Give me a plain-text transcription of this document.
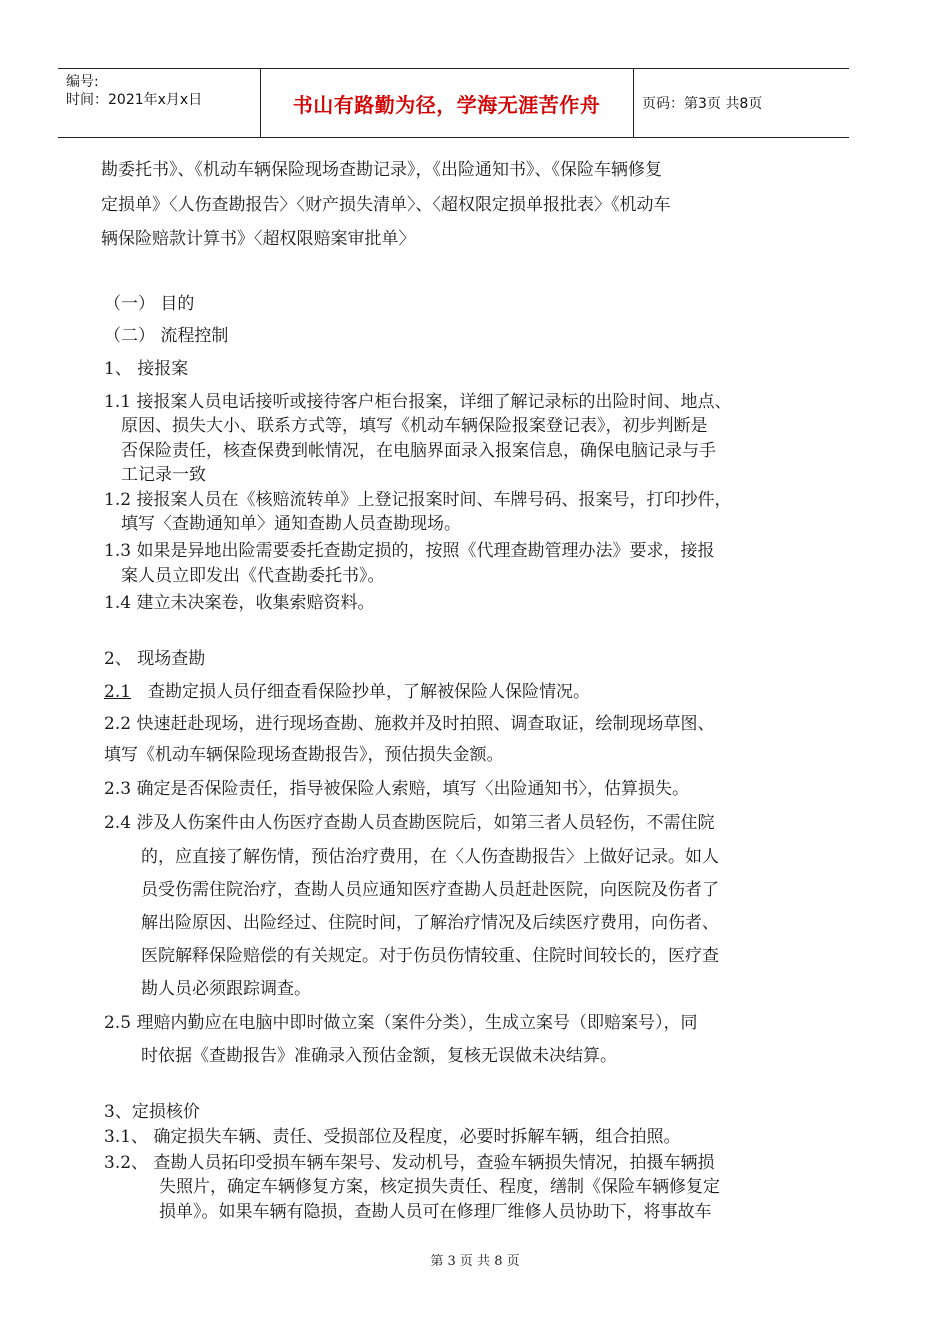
编号:
时间：2021年x月x日	书山有路勤为径，学海无涯苦作舟	页码：第3页 共8页
勘委托书》、《机动车辆保险现场查勘记录》，《出险通知书》、《保险车辆修复
定损单》〈人伤查勘报告〉〈财产损失清单〉、〈超权限定损单报批表〉《机动车
辆保险赔款计算书》〈超权限赔案审批单〉
（一） 目的
（二） 流程控制
1、 接报案
1.1 接报案人员电话接听或接待客户柜台报案，详细了解记录标的出险时间、地点、
原因、损失大小、联系方式等，填写《机动车辆保险报案登记表》，初步判断是
否保险责任，核查保费到帐情况，在电脑界面录入报案信息，确保电脑记录与手
工记录一致
1.2 接报案人员在《核赔流转单》上登记报案时间、车牌号码、报案号，打印抄件，
填写〈查勘通知单〉通知查勘人员查勘现场。
1.3 如果是异地出险需要委托查勘定损的，按照《代理查勘管理办法》要求，接报
案人员立即发出《代查勘委托书》。
1.4 建立未决案卷，收集索赔资料。
2、 现场查勘
2.1 查勘定损人员仔细查看保险抄单，了解被保险人保险情况。
2.2 快速赶赴现场，进行现场查勘、施救并及时拍照、调查取证，绘制现场草图、
填写《机动车辆保险现场查勘报告》，预估损失金额。
2.3 确定是否保险责任，指导被保险人索赔，填写〈出险通知书〉，估算损失。
2.4 涉及人伤案件由人伤医疗查勘人员查勘医院后，如第三者人员轻伤，不需住院
的，应直接了解伤情，预估治疗费用，在〈人伤查勘报告〉上做好记录。如人
员受伤需住院治疗，查勘人员应通知医疗查勘人员赶赴医院，向医院及伤者了
解出险原因、出险经过、住院时间，了解治疗情况及后续医疗费用，向伤者、
医院解释保险赔偿的有关规定。对于伤员伤情较重、住院时间较长的，医疗查
勘人员必须跟踪调查。
2.5 理赔内勤应在电脑中即时做立案（案件分类），生成立案号（即赔案号），同
时依据《查勘报告》准确录入预估金额，复核无误做未决结算。
3、定损核价
3.1、 确定损失车辆、责任、受损部位及程度，必要时拆解车辆，组合拍照。
3.2、 查勘人员拓印受损车辆车架号、发动机号，查验车辆损失情况，拍摄车辆损
失照片，确定车辆修复方案，核定损失责任、程度，缮制《保险车辆修复定
损单》。如果车辆有隐损，查勘人员可在修理厂维修人员协助下，将事故车
第 3 页 共 8 页
